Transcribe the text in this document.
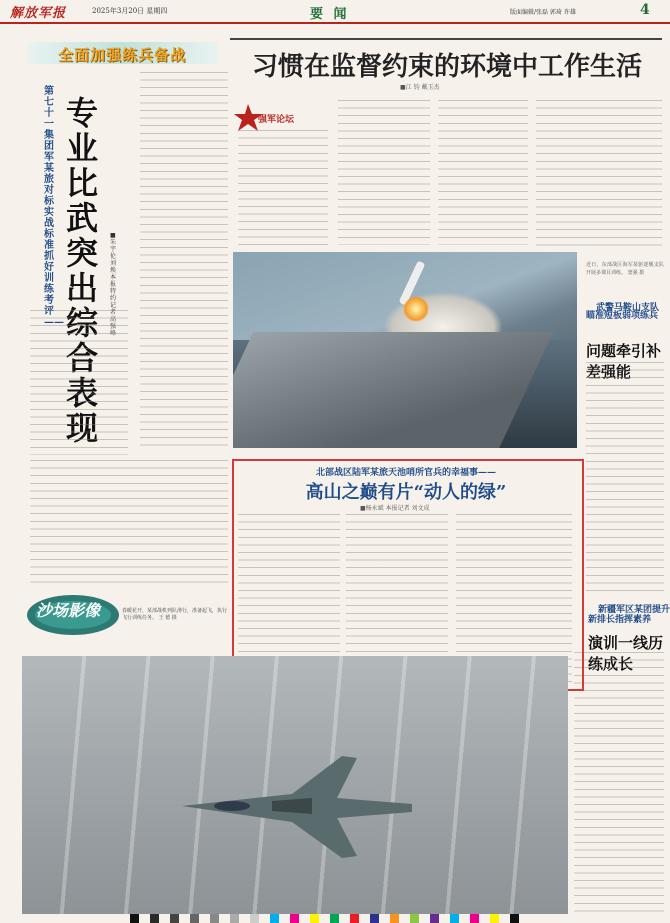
解放军报	2025年3月20日 星期四	要 闻	版面编辑/张磊 郭琦 许雄	4
全面加强练兵备战
第七十一集团军某旅对标实战标准抓好训练考评——
专业比武突出综合表现
■朱宇伦 刘焕 本报特约记者 高强峰
习惯在监督约束的环境中工作生活
■江 钧 戴玉杰
强军论坛
近日，东部战区海军某驱逐舰支队开展多课目训练。 窦强 摄
武警马鞍山支队
瞄准短板弱项练兵
问题牵引补差强能
新疆军区某团提升
新排长指挥素养
演训一线历练成长
北部战区陆军某旅天池哨所官兵的幸福事——
高山之巅有片“动人的绿”
■杨永斌 本报记者 刘文成
沙场影像	春暖花开，某部战机列队滑行，准备起飞，执行飞行训练任务。 王 德 摄
